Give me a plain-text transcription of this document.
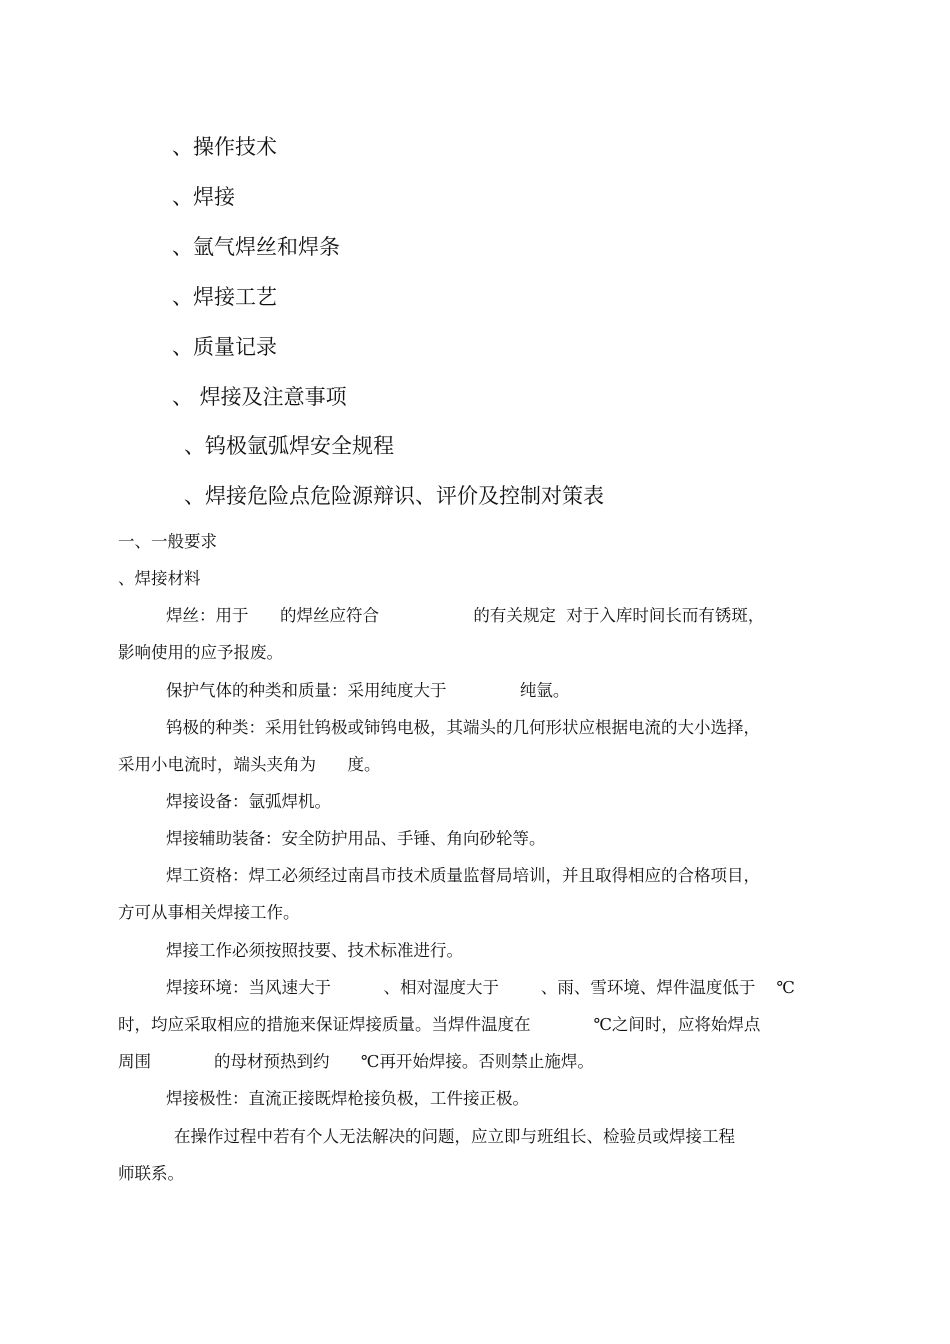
、操作技术
、焊接
、氩气焊丝和焊条
、焊接工艺
、质量记录
、 焊接及注意事项
、钨极氩弧焊安全规程
、焊接危险点危险源辩识、评价及控制对策表
一、一般要求
、焊接材料
焊丝：用于      的焊丝应符合                  的有关规定  对于入库时间长而有锈斑，
影响使用的应予报废。
保护气体的种类和质量：采用纯度大于              纯氩。
钨极的种类：采用钍钨极或铈钨电极，其端头的几何形状应根据电流的大小选择，
采用小电流时，端头夹角为      度。
焊接设备：氩弧焊机。
焊接辅助装备：安全防护用品、手锤、角向砂轮等。
焊工资格：焊工必须经过南昌市技术质量监督局培训，并且取得相应的合格项目，
方可从事相关焊接工作。
焊接工作必须按照技要、技术标准进行。
焊接环境：当风速大于          、相对湿度大于        、雨、雪环境、焊件温度低于    ℃
时，均应采取相应的措施来保证焊接质量。当焊件温度在            ℃之间时，应将始焊点
周围            的母材预热到约      ℃再开始焊接。否则禁止施焊。
焊接极性：直流正接既焊枪接负极，工件接正极。
在操作过程中若有个人无法解决的问题，应立即与班组长、检验员或焊接工程
师联系。
